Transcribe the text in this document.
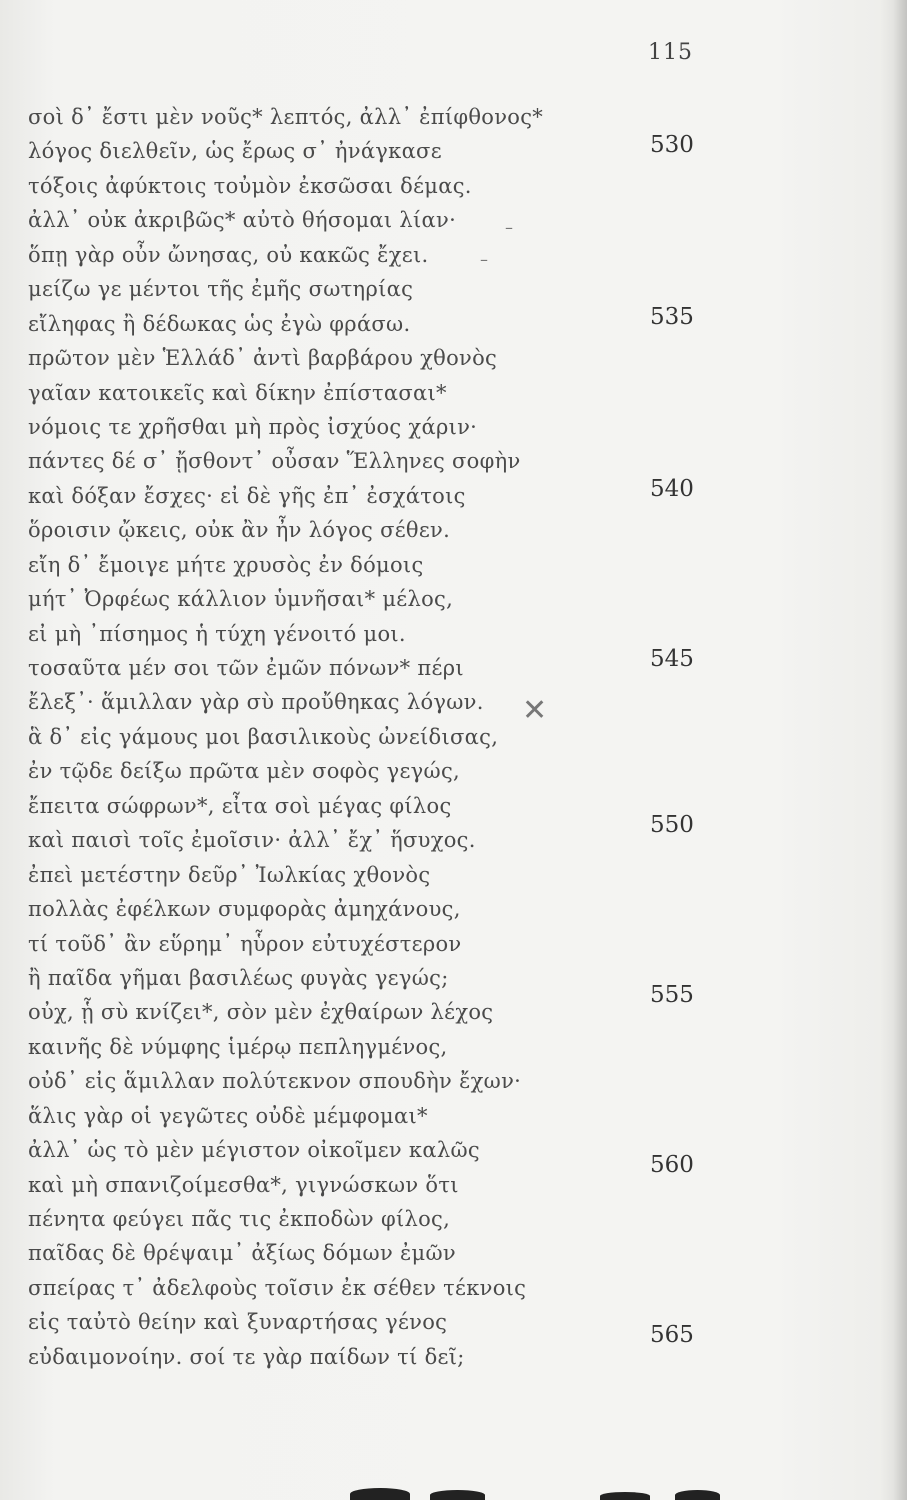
115
σοὶ δ᾽ ἔστι μὲν νοῦς* λεπτός, ἀλλ᾽ ἐπίφθονος*
λόγος διελθεῖν, ὡς ἔρως σ᾽ ἠνάγκασε
τόξοις ἀφύκτοις τοὐμὸν ἐκσῶσαι δέμας.
ἀλλ᾽ οὐκ ἀκριβῶς* αὐτὸ θήσομαι λίαν·
ὅπῃ γὰρ οὖν ὤνησας, οὐ κακῶς ἔχει.
μείζω γε μέντοι τῆς ἐμῆς σωτηρίας
εἴληφας ἢ δέδωκας ὡς ἐγὼ φράσω.
πρῶτον μὲν Ἑλλάδ᾽ ἀντὶ βαρβάρου χθονὸς
γαῖαν κατοικεῖς καὶ δίκην ἐπίστασαι*
νόμοις τε χρῆσθαι μὴ πρὸς ἰσχύος χάριν·
πάντες δέ σ᾽ ᾔσθοντ᾽ οὖσαν Ἕλληνες σοφὴν
καὶ δόξαν ἔσχες· εἰ δὲ γῆς ἐπ᾽ ἐσχάτοις
ὅροισιν ᾤκεις, οὐκ ἂν ἦν λόγος σέθεν.
εἴη δ᾽ ἔμοιγε μήτε χρυσὸς ἐν δόμοις
μήτ᾽ Ὀρφέως κάλλιον ὑμνῆσαι* μέλος,
εἰ μὴ ᾽πίσημος ἡ τύχη γένοιτό μοι.
τοσαῦτα μέν σοι τῶν ἐμῶν πόνων* πέρι
ἔλεξ᾽· ἅμιλλαν γὰρ σὺ προὔθηκας λόγων.
ἃ δ᾽ εἰς γάμους μοι βασιλικοὺς ὠνείδισας,
ἐν τῷδε δείξω πρῶτα μὲν σοφὸς γεγώς,
ἔπειτα σώφρων*, εἶτα σοὶ μέγας φίλος
καὶ παισὶ τοῖς ἐμοῖσιν· ἀλλ᾽ ἔχ᾽ ἥσυχος.
ἐπεὶ μετέστην δεῦρ᾽ Ἰωλκίας χθονὸς
πολλὰς ἐφέλκων συμφορὰς ἀμηχάνους,
τί τοῦδ᾽ ἂν εὕρημ᾽ ηὗρον εὐτυχέστερον
ἢ παῖδα γῆμαι βασιλέως φυγὰς γεγώς;
οὐχ, ᾗ σὺ κνίζει*, σὸν μὲν ἐχθαίρων λέχος
καινῆς δὲ νύμφης ἱμέρῳ πεπληγμένος,
οὐδ᾽ εἰς ἅμιλλαν πολύτεκνον σπουδὴν ἔχων·
ἅλις γὰρ οἱ γεγῶτες οὐδὲ μέμφομαι*
ἀλλ᾽ ὡς τὸ μὲν μέγιστον οἰκοῖμεν καλῶς
καὶ μὴ σπανιζοίμεσθα*, γιγνώσκων ὅτι
πένητα φεύγει πᾶς τις ἐκποδὼν φίλος,
παῖδας δὲ θρέψαιμ᾽ ἀξίως δόμων ἐμῶν
σπείρας τ᾽ ἀδελφοὺς τοῖσιν ἐκ σέθεν τέκνοις
εἰς ταὐτὸ θείην καὶ ξυναρτήσας γένος
εὐδαιμονοίην. σοί τε γὰρ παίδων τί δεῖ;
530
535
540
545
550
555
560
565
✕
–
–
